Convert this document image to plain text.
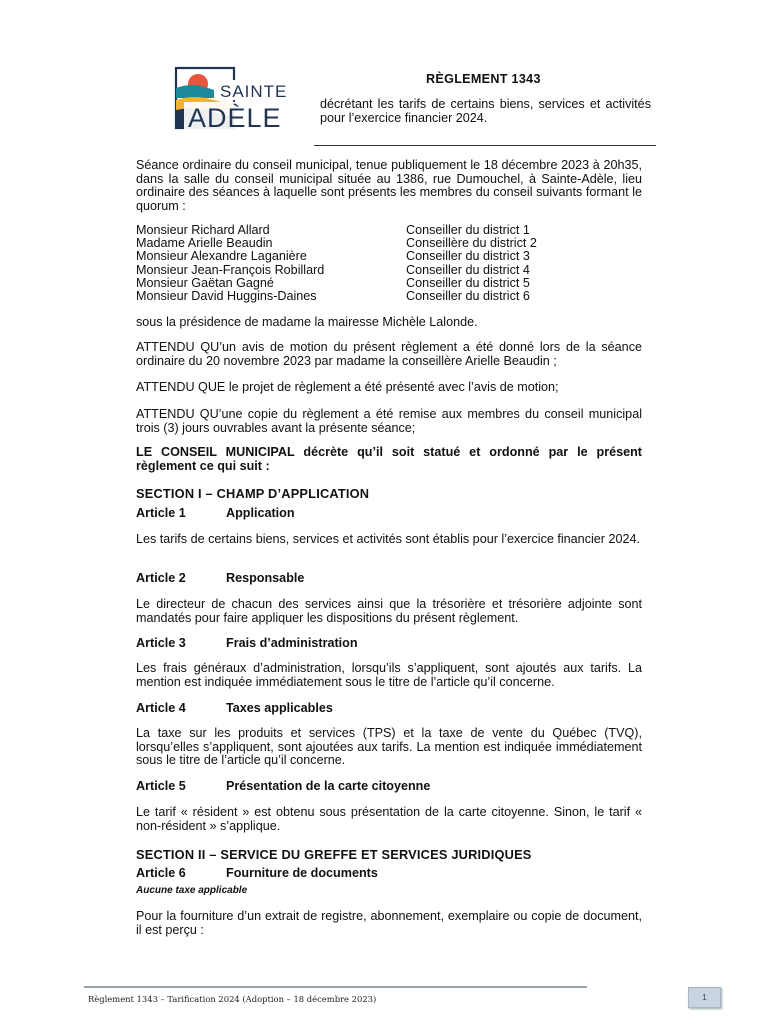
SAINTE
ADÈLE
RÈGLEMENT 1343
décrétant les tarifs de certains biens, services et activités pour l’exercice financier 2024.
Séance ordinaire du conseil municipal, tenue publiquement le 18 décembre 2023 à 20h35, dans la salle du conseil municipal située au 1386, rue Dumouchel, à Sainte-Adèle, lieu ordinaire des séances à laquelle sont présents les membres du conseil suivants formant le quorum :
Monsieur Richard Allard	Conseiller du district 1
Madame Arielle Beaudin	Conseillère du district 2
Monsieur Alexandre Laganière	Conseiller du district 3
Monsieur Jean-François Robillard	Conseiller du district 4
Monsieur Gaëtan Gagné	Conseiller du district 5
Monsieur David Huggins-Daines	Conseiller du district 6
sous la présidence de madame la mairesse Michèle Lalonde.
ATTENDU QU’un avis de motion du présent règlement a été donné lors de la séance ordinaire du 20 novembre 2023 par madame la conseillère Arielle Beaudin ;
ATTENDU QUE le projet de règlement a été présenté avec l’avis de motion;
ATTENDU QU’une copie du règlement a été remise aux membres du conseil municipal trois (3) jours ouvrables avant la présente séance;
LE CONSEIL MUNICIPAL décrète qu’il soit statué et ordonné par le présent règlement ce qui suit :
SECTION I – CHAMP D’APPLICATION
Article 1	Application
Les tarifs de certains biens, services et activités sont établis pour l’exercice financier 2024.
Article 2	Responsable
Le directeur de chacun des services ainsi que la trésorière et trésorière adjointe sont mandatés pour faire appliquer les dispositions du présent règlement.
Article 3	Frais d’administration
Les frais généraux d’administration, lorsqu’ils s’appliquent, sont ajoutés aux tarifs. La mention est indiquée immédiatement sous le titre de l’article qu’il concerne.
Article 4	Taxes applicables
La taxe sur les produits et services (TPS) et la taxe de vente du Québec (TVQ), lorsqu’elles s’appliquent, sont ajoutées aux tarifs. La mention est indiquée immédiatement sous le titre de l’article qu’il concerne.
Article 5	Présentation de la carte citoyenne
Le tarif « résident » est obtenu sous présentation de la carte citoyenne. Sinon, le tarif « non-résident » s’applique.
SECTION II – SERVICE DU GREFFE ET SERVICES JURIDIQUES
Article 6	Fourniture de documents
Aucune taxe applicable
Pour la fourniture d’un extrait de registre, abonnement, exemplaire ou copie de document, il est perçu :
Règlement 1343 – Tarification 2024 (Adoption – 18 décembre 2023)	1
